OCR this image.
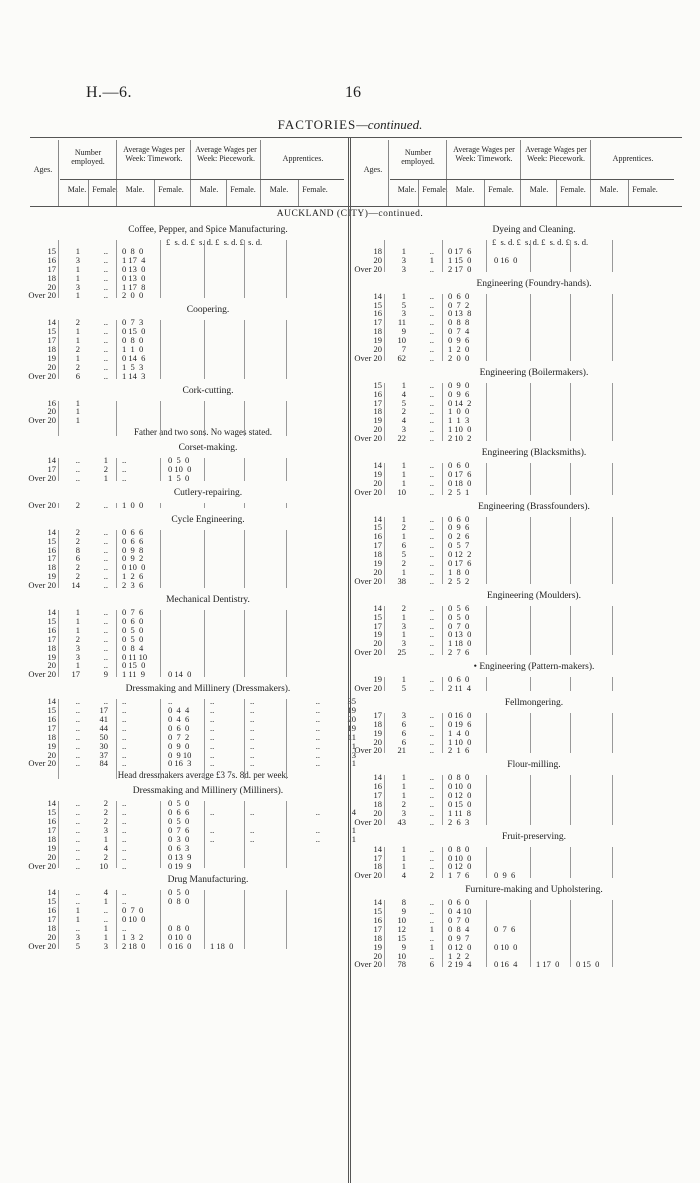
H.—6.	16
FACTORIES—continued.
Ages.
Number employed.
Average Wages per Week: Timework.
Average Wages per Week: Piecework.	Apprentices.
Male. Female.	Male.	Female.	Male.	Female.	Male.	Female.
Ages.
Number employed.
Average Wages per Week: Timework.
Average Wages per Week: Piecework.	Apprentices.
Male. Female.	Male.	Female.	Male.	Female.	Male.	Female.
AUCKLAND (CITY)—continued.
Coffee, Pepper, and Spice Manufacturing.
£  s. d. £  s. d. £  s. d. £  s. d.
15	1	.. 0  8  0
16	3	.. 1 17  4
17	1	.. 0 13  0
18	1	.. 0 13  0
20	3	.. 1 17  8
Over 20	1	.. 2  0  0
Coopering.
14	2	.. 0  7  3
15	1	.. 0 15  0
17	1	.. 0  8  0
18	2	.. 1  1  0
19	1	.. 0 14  6
20	2	.. 1  5  3
Over 20	6	.. 1 14  3
Cork-cutting.
16	1
20	1
Over 20	1
Father and two sons. No wages stated.
Corset-making.
14	..	1 ..	0  5  0
17	..	2 ..	0 10  0
Over 20	..	1 ..	1  5  0
Cutlery-repairing.
Over 20	2	.. 1  0  0
Cycle Engineering.
14	2	.. 0  6  6
15	2	.. 0  6  6
16	8	.. 0  9  8
17	6	.. 0  9  2
18	2	.. 0 10  0
19	2	.. 1  2  6
Over 20	14	.. 2  3  6
Mechanical Dentistry.
14	1	.. 0  7  6
15	1	.. 0  6  0
16	1	.. 0  5  0
17	2	.. 0  5  0
18	3	.. 0  8  4
19	3	.. 0 11 10
20	1	.. 0 15  0
Over 20	17	9 1 11  9	0 14  0
Dressmaking and Millinery (Dressmakers).
14	..	.. ..	..	..	..	..	35
15	..	17 ..	0  4  4	..	..	..	19
16	..	41 ..	0  4  6	..	..	..	20
17	..	44 ..	0  6  0	..	..	..	19
18	..	50 ..	0  7  2	..	..	..	11
19	..	30 ..	0  9  0	..	..	..	1
20	..	37 ..	0  9 10	..	..	..	3
Over 20	..	84 ..	0 16  3	..	..	..	1
Head dressmakers average £3 7s. 8d. per week.
Dressmaking and Millinery (Milliners).
14	..	2 ..	0  5  0
15	..	2 ..	0  6  6	..	..	..	4
16	..	2 ..	0  5  0
17	..	3 ..	0  7  6	..	..	..	1
18	..	1 ..	0  3  0	..	..	..	1
19	..	4 ..	0  6  3
20	..	2 ..	0 13  9
Over 20	..	10 ..	0 19  9
Drug Manufacturing.
14	..	4 ..	0  5  0
15	..	1 ..	0  8  0
16	1	.. 0  7  0
17	1	.. 0 10  0
18	..	1 ..	0  8  0
20	3	1 1  3  2	0 10  0
Over 20	5	3 2 18  0	0 16  0	1 18  0
Dyeing and Cleaning.
£  s. d. £  s. d. £  s. d. £  s. d.
18	1	.. 0 17  6
20	3	1 1 15  0	0 16  0
Over 20	3	.. 2 17  0
Engineering (Foundry-hands).
14	1	.. 0  6  0
15	5	.. 0  7  2
16	3	.. 0 13  8
17	11	.. 0  8  8
18	9	.. 0  7  4
19	10	.. 0  9  6
20	7	.. 1  2  0
Over 20	62	.. 2  0  0
Engineering (Boilermakers).
15	1	.. 0  9  0
16	4	.. 0  9  6
17	5	.. 0 14  2
18	2	.. 1  0  0
19	4	.. 1  1  3
20	3	.. 1 10  0
Over 20	22	.. 2 10  2
Engineering (Blacksmiths).
14	1	.. 0  6  0
19	1	.. 0 17  6
20	1	.. 0 18  0
Over 20	10	.. 2  5  1
Engineering (Brassfounders).
14	1	.. 0  6  0
15	2	.. 0  9  6
16	1	.. 0  2  6
17	6	.. 0  5  7
18	5	.. 0 12  2
19	2	.. 0 17  6
20	1	.. 1  8  0
Over 20	38	.. 2  5  2
Engineering (Moulders).
14	2	.. 0  5  6
15	1	.. 0  5  0
17	3	.. 0  7  0
19	1	.. 0 13  0
20	3	.. 1 18  0
Over 20	25	.. 2  7  6
• Engineering (Pattern-makers).
19	1	.. 0  6  0
Over 20	5	.. 2 11  4
Fellmongering.
17	3	.. 0 16  0
18	6	.. 0 19  6
19	6	.. 1  4  0
20	6	.. 1 10  0
Over 20	21	.. 2  1  6
Flour-milling.
14	1	.. 0  8  0
16	1	.. 0 10  0
17	1	.. 0 12  0
18	2	.. 0 15  0
20	3	.. 1 11  8
Over 20	43	.. 2  6  3
Fruit-preserving.
14	1	.. 0  8  0
17	1	.. 0 10  0
18	1	.. 0 12  0
Over 20	4	2 1  7  6	0  9  6
Furniture-making and Upholstering.
14	8	.. 0  6  0
15	9	.. 0  4 10
16	10	.. 0  7  0
17	12	1 0  8  4	0  7  6
18	15	.. 0  9  7
19	9	1 0 12  0	0 10  0
20	10	.. 1  2  2
Over 20	78	6 2 19  4	0 16  4	1 17  0	0 15  0
